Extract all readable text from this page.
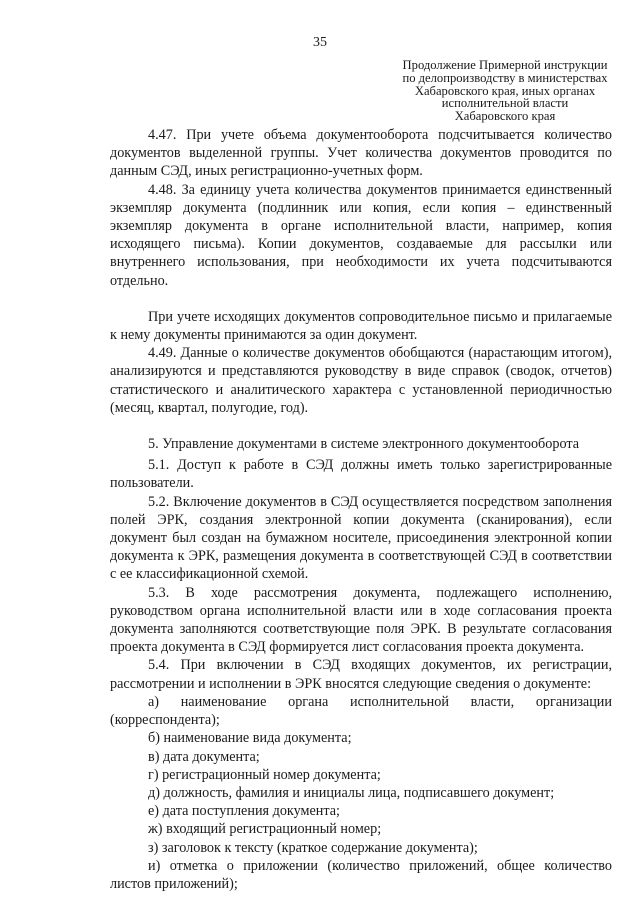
35
Продолжение Примерной инструкции
по делопроизводству в министерствах
Хабаровского края, иных органах
исполнительной власти
Хабаровского края

4.47. При учете объема документооборота подсчитывается количество документов выделенной группы. Учет количества документов проводится по данным СЭД, иных регистрационно-учетных форм.

4.48. За единицу учета количества документов принимается единственный экземпляр документа (подлинник или копия, если копия – единственный экземпляр документа в органе исполнительной власти, например, копия исходящего письма). Копии документов, создаваемые для рассылки или внутреннего использования, при необходимости их учета подсчитываются отдельно.

При учете исходящих документов сопроводительное письмо и прилагаемые к нему документы принимаются за один документ.

4.49. Данные о количестве документов обобщаются (нарастающим итогом), анализируются и представляются руководству в виде справок (сводок, отчетов) статистического и аналитического характера с установленной периодичностью (месяц, квартал, полугодие, год).

5. Управление документами в системе электронного документооборота

5.1. Доступ к работе в СЭД должны иметь только зарегистрированные пользователи.

5.2. Включение документов в СЭД осуществляется посредством заполнения полей ЭРК, создания электронной копии документа (сканирования), если документ был создан на бумажном носителе, присоединения электронной копии документа к ЭРК, размещения документа в соответствующей СЭД в соответствии с ее классификационной схемой.

5.3. В ходе рассмотрения документа, подлежащего исполнению, руководством органа исполнительной власти или в ходе согласования проекта документа заполняются соответствующие поля ЭРК. В результате согласования проекта документа в СЭД формируется лист согласования проекта документа.

5.4. При включении в СЭД входящих документов, их регистрации, рассмотрении и исполнении в ЭРК вносятся следующие сведения о документе:

а) наименование органа исполнительной власти, организации (корреспондента);

б) наименование вида документа;

в) дата документа;

г) регистрационный номер документа;

д) должность, фамилия и инициалы лица, подписавшего документ;

е) дата поступления документа;

ж) входящий регистрационный номер;

з) заголовок к тексту (краткое содержание документа);

и) отметка о приложении (количество приложений, общее количество листов приложений);
